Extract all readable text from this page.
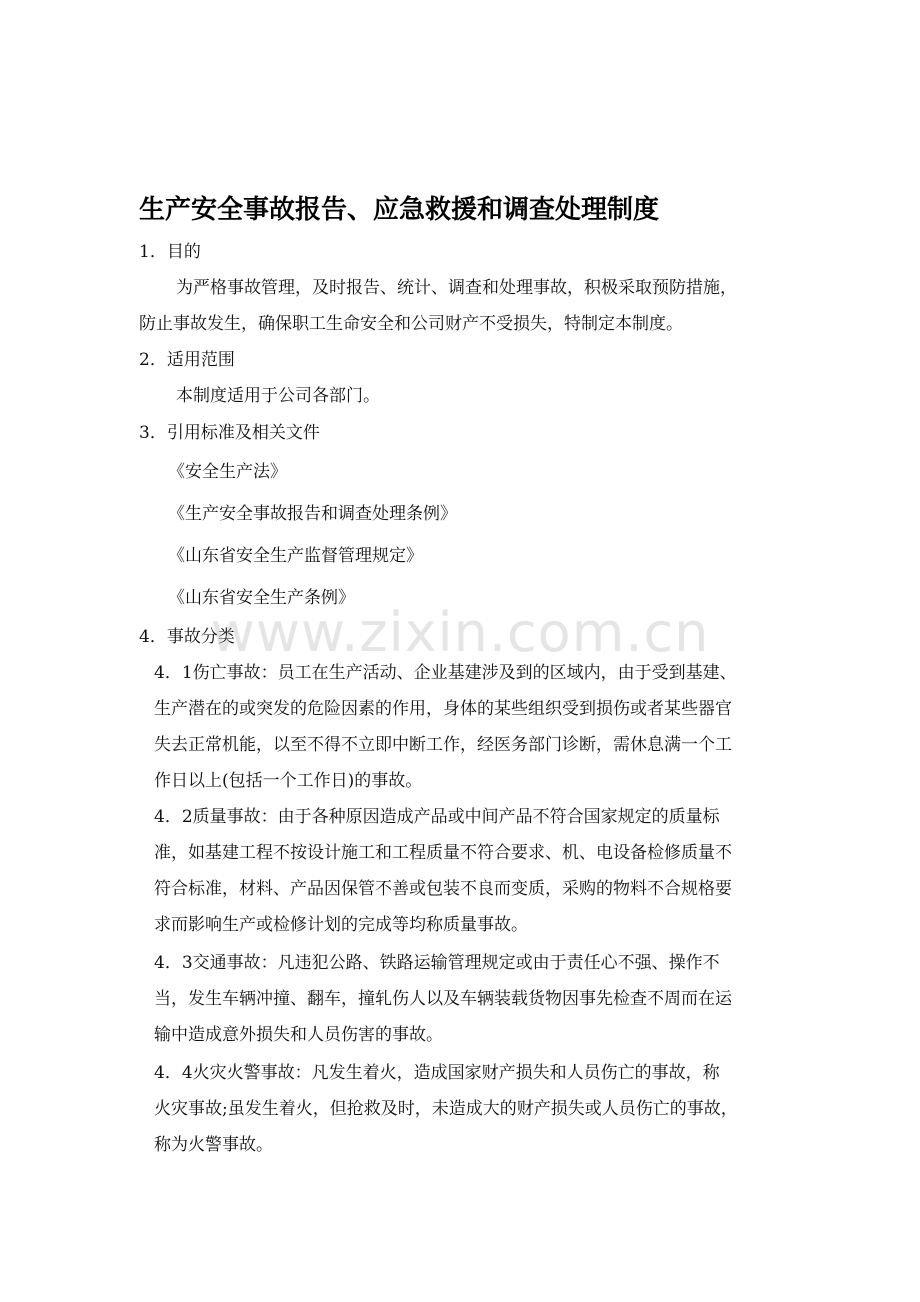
生产安全事故报告、应急救援和调查处理制度
1．目的
为严格事故管理，及时报告、统计、调查和处理事故，积极采取预防措施，
防止事故发生，确保职工生命安全和公司财产不受损失，特制定本制度。
2．适用范围
本制度适用于公司各部门。
3．引用标准及相关文件
《安全生产法》
《生产安全事故报告和调查处理条例》
《山东省安全生产监督管理规定》
《山东省安全生产条例》
4．事故分类
4．1伤亡事故：员工在生产活动、企业基建涉及到的区域内，由于受到基建、
生产潜在的或突发的危险因素的作用，身体的某些组织受到损伤或者某些器官
失去正常机能，以至不得不立即中断工作，经医务部门诊断，需休息满一个工
作日以上(包括一个工作日)的事故。
4．2质量事故：由于各种原因造成产品或中间产品不符合国家规定的质量标
准，如基建工程不按设计施工和工程质量不符合要求、机、电设备检修质量不
符合标准，材料、产品因保管不善或包装不良而变质，采购的物料不合规格要
求而影响生产或检修计划的完成等均称质量事故。
4．3交通事故：凡违犯公路、铁路运输管理规定或由于责任心不强、操作不
当，发生车辆冲撞、翻车，撞轧伤人以及车辆装载货物因事先检查不周而在运
输中造成意外损失和人员伤害的事故。
4．4火灾火警事故：凡发生着火，造成国家财产损失和人员伤亡的事故，称
火灾事故;虽发生着火，但抢救及时，未造成大的财产损失或人员伤亡的事故，
称为火警事故。
www.zixin.com.cn
